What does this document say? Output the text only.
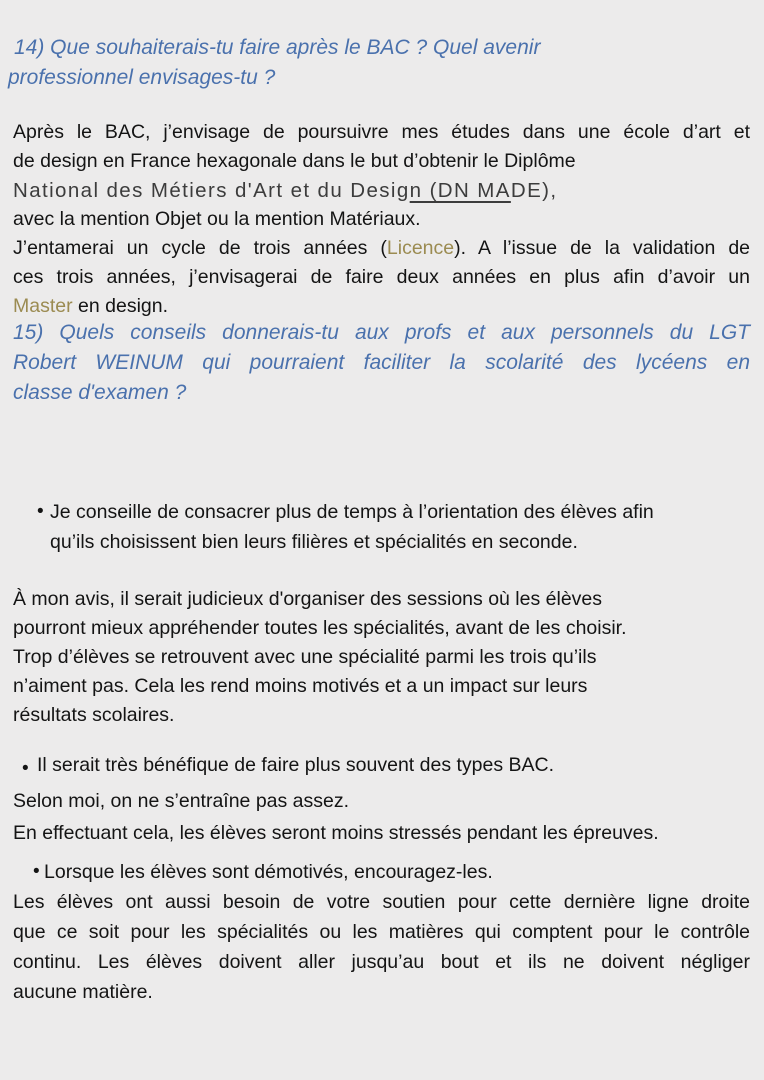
14) Que souhaiterais-tu faire après le BAC ? Quel avenir
professionnel envisages-tu ?
Après le BAC, j’envisage de poursuivre mes études dans une école d’art et
de design en France hexagonale dans le but d’obtenir le Diplôme
National des Métiers d'Art et du Design (DN MADE),
avec la mention Objet ou la mention Matériaux.
J’entamerai un cycle de trois années (Licence). A l’issue de la validation de
ces trois années, j’envisagerai de faire deux années en plus afin d’avoir un
Master en design.
15) Quels conseils donnerais-tu aux profs et aux personnels du LGT
Robert WEINUM qui pourraient faciliter la scolarité des lycéens en
classe d'examen ?
• Je conseille de consacrer plus de temps à l’orientation des élèves afin
qu’ils choisissent bien leurs filières et spécialités en seconde.
À mon avis, il serait judicieux d'organiser des sessions où les élèves
pourront mieux appréhender toutes les spécialités, avant de les choisir.
Trop d’élèves se retrouvent avec une spécialité parmi les trois qu’ils
n’aiment pas. Cela les rend moins motivés et a un impact sur leurs
résultats scolaires.
• Il serait très bénéfique de faire plus souvent des types BAC.
Selon moi, on ne s’entraîne pas assez.
En effectuant cela, les élèves seront moins stressés pendant les épreuves.
• Lorsque les élèves sont démotivés, encouragez-les.
Les élèves ont aussi besoin de votre soutien pour cette dernière ligne droite
que ce soit pour les spécialités ou les matières qui comptent pour le contrôle
continu. Les élèves doivent aller jusqu’au bout et ils ne doivent négliger
aucune matière.
